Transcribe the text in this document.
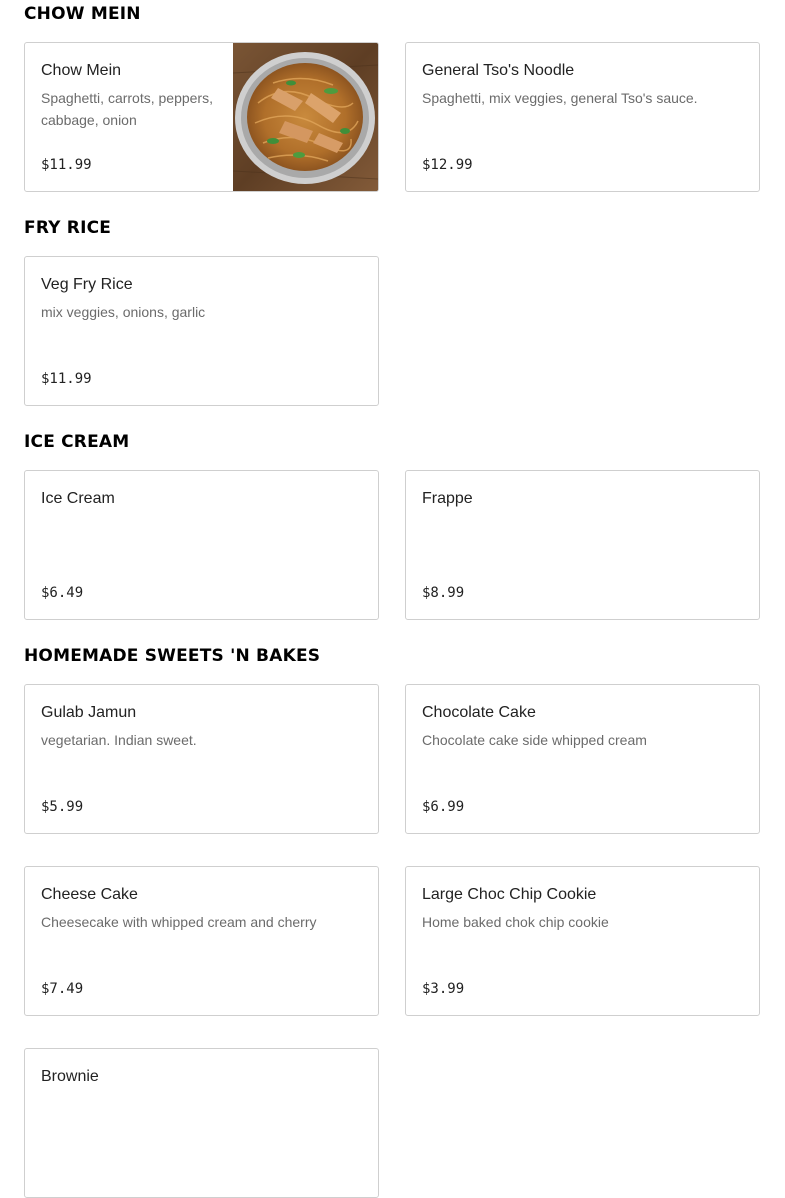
CHOW MEIN
Chow Mein
Spaghetti, carrots, peppers, cabbage, onion
$11.99
General Tso's Noodle
Spaghetti, mix veggies, general Tso's sauce.
$12.99
FRY RICE
Veg Fry Rice
mix veggies, onions, garlic
$11.99
ICE CREAM
Ice Cream
$6.49
Frappe
$8.99
HOMEMADE SWEETS 'N BAKES
Gulab Jamun
vegetarian. Indian sweet.
$5.99
Chocolate Cake
Chocolate cake side whipped cream
$6.99
Cheese Cake
Cheesecake with whipped cream and cherry
$7.49
Large Choc Chip Cookie
Home baked chok chip cookie
$3.99
Brownie
